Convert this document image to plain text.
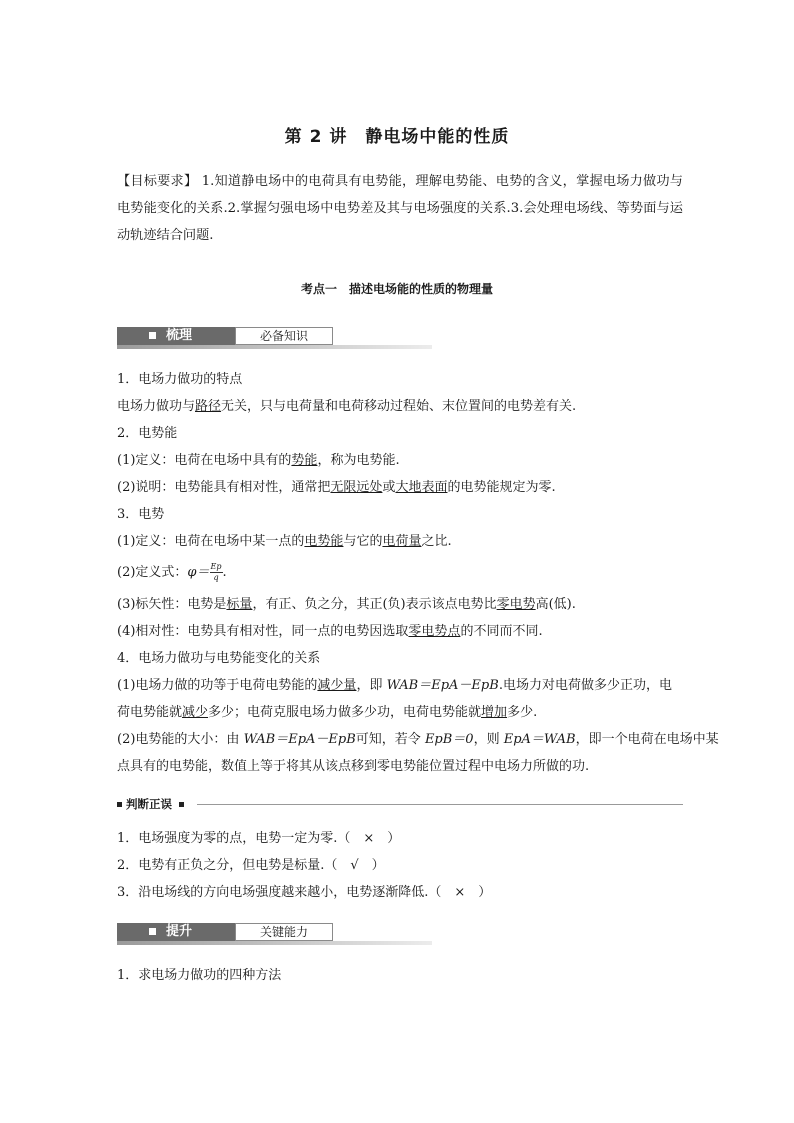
第 2 讲　静电场中能的性质
【目标要求】 1.知道静电场中的电荷具有电势能，理解电势能、电势的含义，掌握电场力做功与电势能变化的关系.2.掌握匀强电场中电势差及其与电场强度的关系.3.会处理电场线、等势面与运动轨迹结合问题.
考点一　描述电场能的性质的物理量
梳理	必备知识
1．电场力做功的特点
电场力做功与路径无关，只与电荷量和电荷移动过程始、末位置间的电势差有关.
2．电势能
(1)定义：电荷在电场中具有的势能，称为电势能.
(2)说明：电势能具有相对性，通常把无限远处或大地表面的电势能规定为零.
3．电势
(1)定义：电荷在电场中某一点的电势能与它的电荷量之比.
(2)定义式：$\varphi= \frac{Ep}{q}$ .
(3)标矢性：电势是标量，有正、负之分，其正(负)表示该点电势比零电势高(低).
(4)相对性：电势具有相对性，同一点的电势因选取零电势点的不同而不同.
4．电场力做功与电势能变化的关系
(1)电场力做的功等于电荷电势能的减少量，即 WAB＝EpA－EpB.电场力对电荷做多少正功，电
荷电势能就减少多少；电荷克服电场力做多少功，电荷电势能就增加多少.
(2)电势能的大小：由 WAB＝EpA－EpB可知，若令 EpB＝0，则 EpA＝WAB，即一个电荷在电场中某
点具有的电势能，数值上等于将其从该点移到零电势能位置过程中电场力所做的功.
判断正误
1．电场强度为零的点，电势一定为零.（　×　）
2．电势有正负之分，但电势是标量.（　√　）
3．沿电场线的方向电场强度越来越小，电势逐渐降低.（　×　）
提升	关键能力
1．求电场力做功的四种方法
